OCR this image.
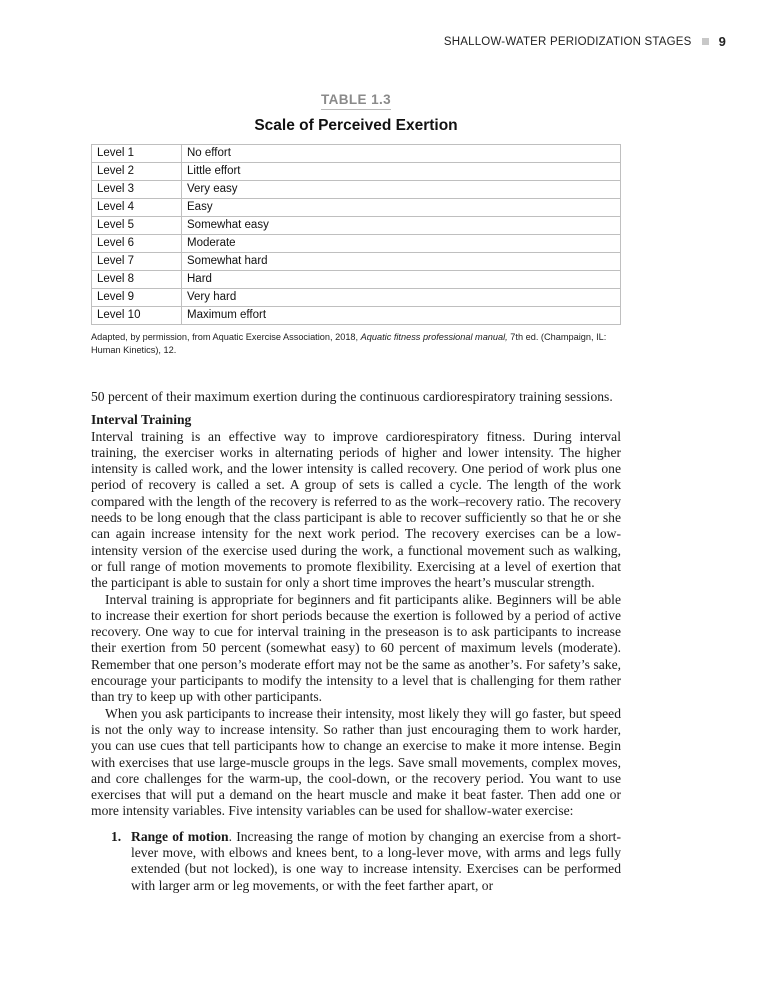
SHALLOW-WATER PERIODIZATION STAGES 9
TABLE 1.3
Scale of Perceived Exertion
Level 1	No effort
Level 2	Little effort
Level 3	Very easy
Level 4	Easy
Level 5	Somewhat easy
Level 6	Moderate
Level 7	Somewhat hard
Level 8	Hard
Level 9	Very hard
Level 10	Maximum effort
Adapted, by permission, from Aquatic Exercise Association, 2018, Aquatic fitness professional manual, 7th ed. (Champaign, IL: Human Kinetics), 12.

50 percent of their maximum exertion during the continuous cardiorespiratory training sessions.

Interval Training

Interval training is an effective way to improve cardiorespiratory fitness. During interval training, the exerciser works in alternating periods of higher and lower intensity. The higher intensity is called work, and the lower intensity is called recovery. One period of work plus one period of recovery is called a set. A group of sets is called a cycle. The length of the work compared with the length of the recovery is referred to as the work–recovery ratio. The recovery needs to be long enough that the class participant is able to recover sufficiently so that he or she can again increase intensity for the next work period. The recovery exercises can be a low-intensity version of the exercise used during the work, a functional movement such as walking, or full range of motion movements to promote flexibility. Exercising at a level of exertion that the participant is able to sustain for only a short time improves the heart’s muscular strength.

Interval training is appropriate for beginners and fit participants alike. Beginners will be able to increase their exertion for short periods because the exertion is followed by a period of active recovery. One way to cue for interval training in the preseason is to ask participants to increase their exertion from 50 percent (somewhat easy) to 60 percent of maximum levels (moderate). Remember that one person’s moderate effort may not be the same as another’s. For safety’s sake, encourage your participants to modify the intensity to a level that is challenging for them rather than try to keep up with other participants.

When you ask participants to increase their intensity, most likely they will go faster, but speed is not the only way to increase intensity. So rather than just encouraging them to work harder, you can use cues that tell participants how to change an exercise to make it more intense. Begin with exercises that use large-muscle groups in the legs. Save small movements, complex moves, and core challenges for the warm-up, the cool-down, or the recovery period. You want to use exercises that will put a demand on the heart muscle and make it beat faster. Then add one or more intensity variables. Five intensity variables can be used for shallow-water exercise:

1. Range of motion. Increasing the range of motion by changing an exercise from a short-lever move, with elbows and knees bent, to a long-lever move, with arms and legs fully extended (but not locked), is one way to increase intensity. Exercises can be performed with larger arm or leg movements, or with the feet farther apart, or
